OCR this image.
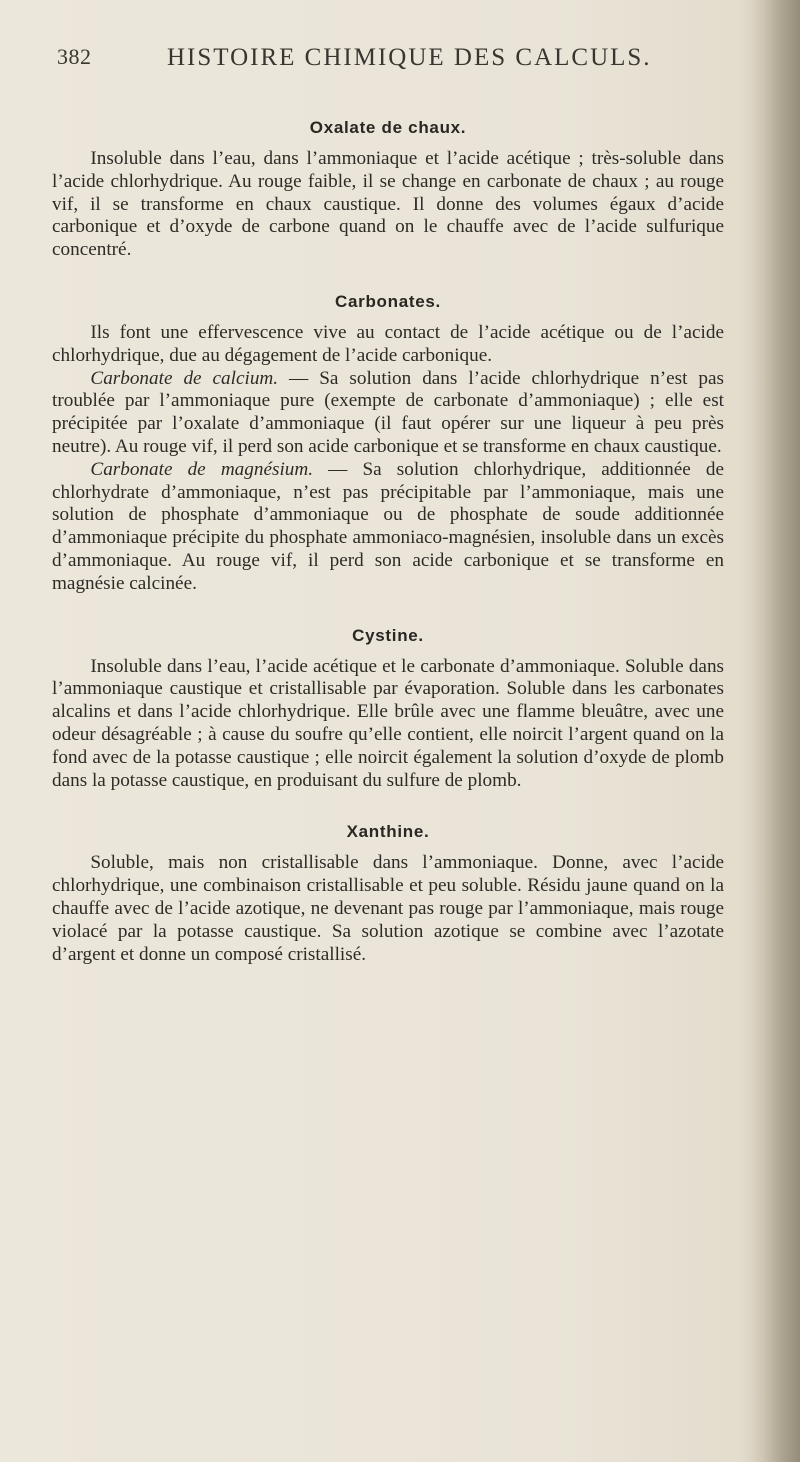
382	HISTOIRE CHIMIQUE DES CALCULS.
Oxalate de chaux.

Insoluble dans l’eau, dans l’ammoniaque et l’acide acétique ; très-soluble dans l’acide chlorhydrique. Au rouge faible, il se change en carbonate de chaux ; au rouge vif, il se transforme en chaux caustique. Il donne des volumes égaux d’acide carbonique et d’oxyde de carbone quand on le chauffe avec de l’acide sulfurique concentré.

Carbonates.

Ils font une effervescence vive au contact de l’acide acétique ou de l’acide chlorhydrique, due au dégagement de l’acide carbonique.

Carbonate de calcium. — Sa solution dans l’acide chlorhydrique n’est pas troublée par l’ammoniaque pure (exempte de carbonate d’ammoniaque) ; elle est précipitée par l’oxalate d’ammoniaque (il faut opérer sur une liqueur à peu près neutre). Au rouge vif, il perd son acide carbonique et se transforme en chaux caustique.

Carbonate de magnésium. — Sa solution chlorhydrique, additionnée de chlorhydrate d’ammoniaque, n’est pas précipitable par l’ammoniaque, mais une solution de phosphate d’ammoniaque ou de phosphate de soude additionnée d’ammoniaque précipite du phosphate ammoniaco-magnésien, insoluble dans un excès d’ammoniaque. Au rouge vif, il perd son acide carbonique et se transforme en magnésie calcinée.

Cystine.

Insoluble dans l’eau, l’acide acétique et le carbonate d’ammoniaque. Soluble dans l’ammoniaque caustique et cristallisable par évaporation. Soluble dans les carbonates alcalins et dans l’acide chlorhydrique. Elle brûle avec une flamme bleuâtre, avec une odeur désagréable ; à cause du soufre qu’elle contient, elle noircit l’argent quand on la fond avec de la potasse caustique ; elle noircit également la solution d’oxyde de plomb dans la potasse caustique, en produisant du sulfure de plomb.

Xanthine.

Soluble, mais non cristallisable dans l’ammoniaque. Donne, avec l’acide chlorhydrique, une combinaison cristallisable et peu soluble. Résidu jaune quand on la chauffe avec de l’acide azotique, ne devenant pas rouge par l’ammoniaque, mais rouge violacé par la potasse caustique. Sa solution azotique se combine avec l’azotate d’argent et donne un composé cristallisé.
